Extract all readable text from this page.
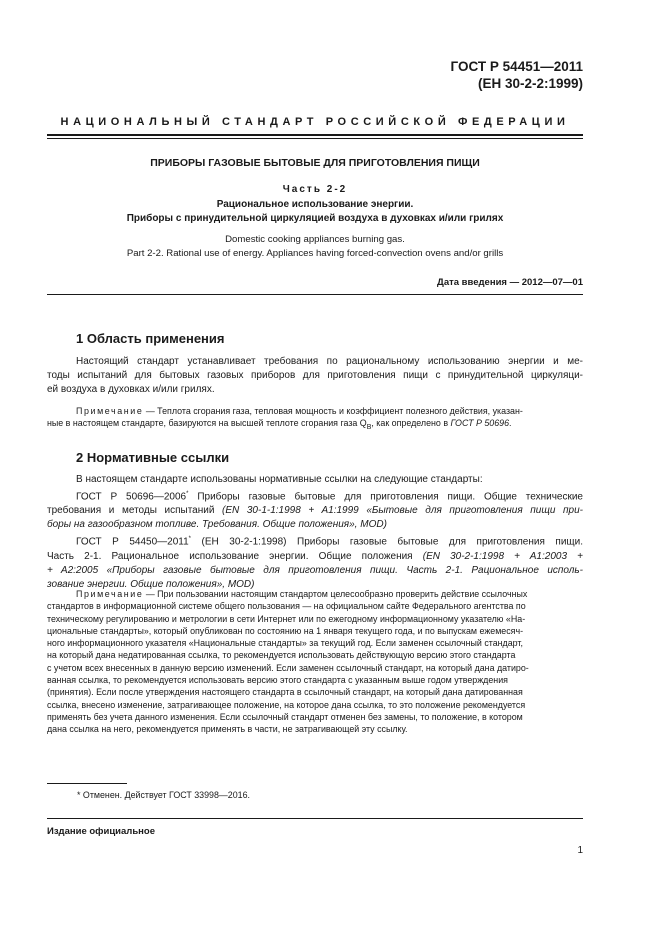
ГОСТ Р 54451—2011
(ЕН 30-2-2:1999)
НАЦИОНАЛЬНЫЙ СТАНДАРТ РОССИЙСКОЙ ФЕДЕРАЦИИ
ПРИБОРЫ ГАЗОВЫЕ БЫТОВЫЕ ДЛЯ ПРИГОТОВЛЕНИЯ ПИЩИ
Часть 2-2
Рациональное использование энергии.
Приборы с принудительной циркуляцией воздуха в духовках и/или грилях
Domestic cooking appliances burning gas.
Part 2-2. Rational use of energy. Appliances having forced-convection ovens and/or grills
Дата введения — 2012—07—01
1 Область применения
Настоящий стандарт устанавливает требования по рациональному использованию энергии и ме-
тоды испытаний для бытовых газовых приборов для приготовления пищи с принудительной циркуляци-
ей воздуха в духовках и/или грилях.
Примечание — Теплота сгорания газа, тепловая мощность и коэффициент полезного действия, указан-
ные в настоящем стандарте, базируются на высшей теплоте сгорания газа $Q_B$, как определено в ГОСТ Р 50696.
2 Нормативные ссылки
В настоящем стандарте использованы нормативные ссылки на следующие стандарты:
ГОСТ Р 50696—2006* Приборы газовые бытовые для приготовления пищи. Общие технические
требования и методы испытаний (EN 30-1-1:1998 + A1:1999 «Бытовые для приготовления пищи при-
боры на газообразном топливе. Требования. Общие положения», MOD)
ГОСТ Р 54450—2011* (ЕН 30-2-1:1998) Приборы газовые бытовые для приготовления пищи.
Часть 2-1. Рациональное использование энергии. Общие положения (EN 30-2-1:1998 + A1:2003 +
+ A2:2005 «Приборы газовые бытовые для приготовления пищи. Часть 2-1. Рациональное исполь-
зование энергии. Общие положения», MOD)
Примечание — При пользовании настоящим стандартом целесообразно проверить действие ссылочных
стандартов в информационной системе общего пользования — на официальном сайте Федерального агентства по
техническому регулированию и метрологии в сети Интернет или по ежегодному информационному указателю «На-
циональные стандарты», который опубликован по состоянию на 1 января текущего года, и по выпускам ежемесяч-
ного информационного указателя «Национальные стандарты» за текущий год. Если заменен ссылочный стандарт,
на который дана недатированная ссылка, то рекомендуется использовать действующую версию этого стандарта
с учетом всех внесенных в данную версию изменений. Если заменен ссылочный стандарт, на который дана датиро-
ванная ссылка, то рекомендуется использовать версию этого стандарта с указанным выше годом утверждения
(принятия). Если после утверждения настоящего стандарта в ссылочный стандарт, на который дана датированная
ссылка, внесено изменение, затрагивающее положение, на которое дана ссылка, то это положение рекомендуется
применять без учета данного изменения. Если ссылочный стандарт отменен без замены, то положение, в котором
дана ссылка на него, рекомендуется применять в части, не затрагивающей эту ссылку.
* Отменен. Действует ГОСТ 33998—2016.
Издание официальное
1
